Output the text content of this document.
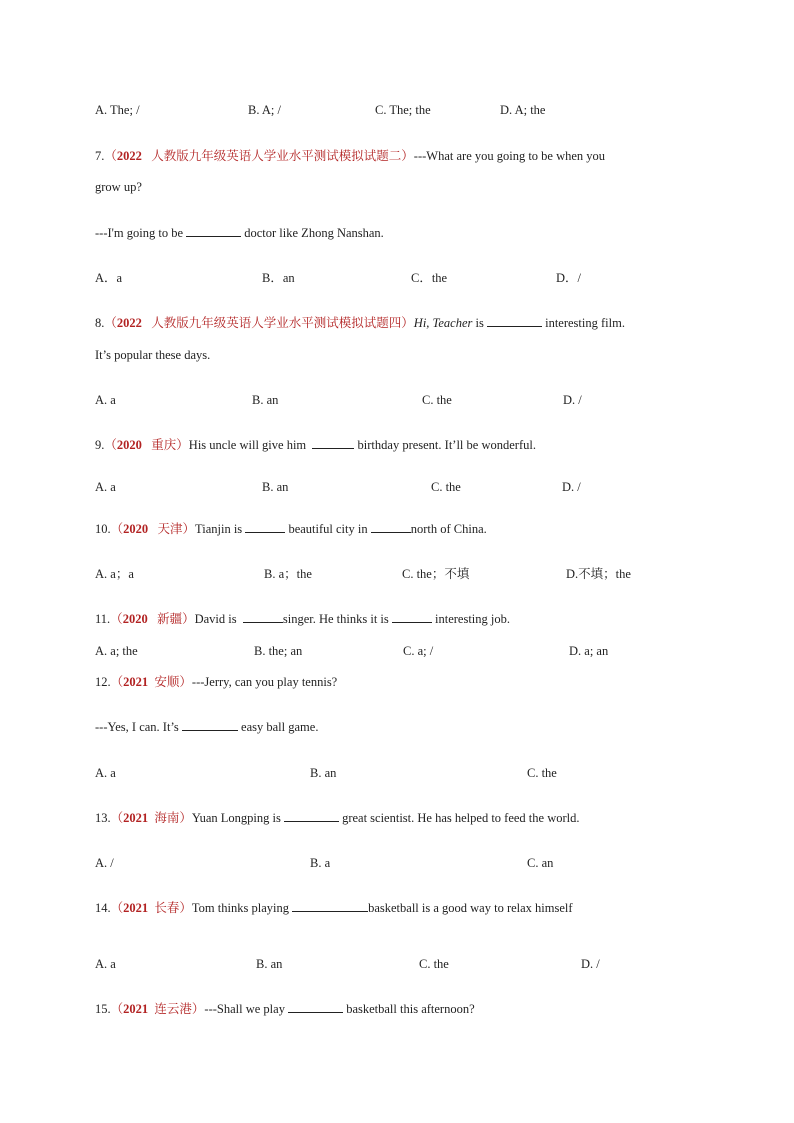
A. The; /	B. A; /	C. The; the	D. A; the
7.（2022 人教版九年级英语人学业水平测试模拟试题二）---What are you going to be when you
grow up?
---I'm going to be	doctor like Zhong Nanshan.
A．a	B．an	C．the	D．/
8.（2022 人教版九年级英语人学业水平测试模拟试题四）Hi, Teacher is	interesting film.
It’s popular these days.
A. a	B. an	C. the	D. /
9.（2020 重庆）His uncle will give him	birthday present. It’ll be wonderful.
A. a	B. an	C. the	D. /
10.（2020 天津）Tianjin is	beautiful city in	north of China.
A. a；a	B. a；the	C. the；不填	D.不填；the
11.（2020 新疆）David is	singer. He thinks it is	interesting job.
A. a; the	B. the; an	C. a; /	D. a; an
12.（2021 安顺）---Jerry, can you play tennis?
---Yes, I can. It’s	easy ball game.
A. a	B. an	C. the
13.（2021 海南）Yuan Longping is	great scientist. He has helped to feed the world.
A. /	B. a	C. an
14.（2021 长春）Tom thinks playing	basketball is a good way to relax himself
A. a	B. an	C. the	D. /
15.（2021 连云港）---Shall we play	basketball this afternoon?
